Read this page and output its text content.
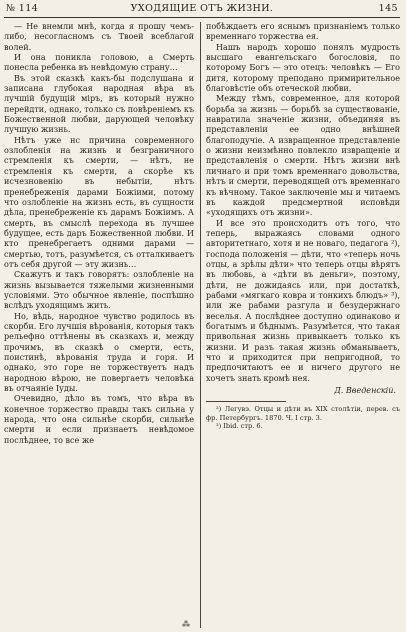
№ 114	УХОДЯЩИЕ ОТЪ ЖИЗНИ.	145

— Не внемли мнѣ, когда я прошу чемъ-либо, несогласномъ съ Твоей всеблагой волей.

И она поникла головою, а Смерть понесла ребенка въ невѣдомую страну…

Въ этой сказкѣ какъ-бы подслушана и записана глубокая народная вѣра въ лучшій будущій міръ, въ который нужно перейдти, однако, только съ повѣреніемъ къ Божественной любви, дарующей человѣку лучшую жизнь.

Нѣтъ уже нс причина современного озлобленія на жизнь и безграничного стремленія къ смерти, — нѣтъ, не стремленія къ смерти, а скорѣе къ исчезновенію въ небытіи, нѣтъ пренебреженія дарами Божіими, потому что озлобленіе на жизнь есть, въ сущности дѣла, пренебреженіе къ дарамъ Божіимъ. А смерть, въ смыслѣ перехода въ лучшее будущее, есть даръ Божественной любви. И кто пренебрегаетъ одними дарами — смертью, тотъ, разумѣется, съ отталкиваетъ отъ себя другой — эту жизнь…

Скажутъ и такъ говорятъ: озлобленіе на жизнь вызывается тяжелыми жизненными условіями. Это обычное явленіе, поспѣшно вслѣдъ уходящимъ жить.

Но, вѣдь, народное чувство родилось въ скорби. Его лучшія вѣрованія, которыя такъ рельефно оттѣнены въ сказкахъ и, между прочимъ, въ сказкѣ о смерти, есть, поистинѣ, вѣрованія труда и горя. И однако, это горе не торжествуетъ надъ народною вѣрою, не повергаетъ человѣка въ отчаяніе Іуды.

Очевидно, дѣло въ томъ, что вѣра въ конечное торжество правды такъ сильна у народа, что она сильнѣе скорби, сильнѣе смерти и если признаетъ невѣдомое послѣднее, то все же

побѣждаетъ его яснымъ признаніемъ только временнаго торжества ея.

Нашъ народъ хорошо понялъ мудрость высшаго евангельскаго богословія, по которому Богъ — это отецъ: человѣкъ — Его дитя, которому преподано примирительное благовѣстіе объ отеческой любви.

Между тѣмъ, современное, для которой борьба за жизнь — борьбѣ за существованіе, навратила значеніе жизни, объединяя въ представленіи ее одно внѣшней благоподучіе. А извращенное представленіе о жизни неизмѣнно повлекло извращеніе и представленія о смерти. Нѣтъ жизни внѣ личнаго и при томъ временнаго довольства, нѣтъ и смерти, переводящей отъ временнаго къ вѣчному. Такое заключеніе мы и читаемъ въ каждой предсмертной исповѣди «уходящихъ отъ жизни».

И все это происходитъ отъ того, что теперь, выражаясь словами одного авторитетнаго, хотя и не новаго, педагога ²), господа положенія — дѣти, что «теперь ночь отцы, а зрѣлы дѣти» что теперь отцы вѣрятъ въ любовь, а «дѣти въ деньги», поэтому, дѣти, не дожидаясь или, при достаткѣ, рабами «мягкаго ковра и тонкихъ блюдъ» ³), или же рабами разгула и безудержнаго веселья. А послѣднее доступно одинаково и богатымъ и бѣднымъ. Разумѣется, что такая привольная жизнь привыкаетъ только къ жизни. И разъ такая жизнь обманываетъ, что и приходится при непригодной, то предпочитаютъ ее и ничего другого не хочетъ знать кромѣ нея.

Д. Введенскій.

²) Легувэ. Отцы и дѣти въ XIX столѣтіи, перев. съ фр. Петербургъ. 1870. Ч. I стр. 3.

³) Ibid. стр. 6.

⁂
